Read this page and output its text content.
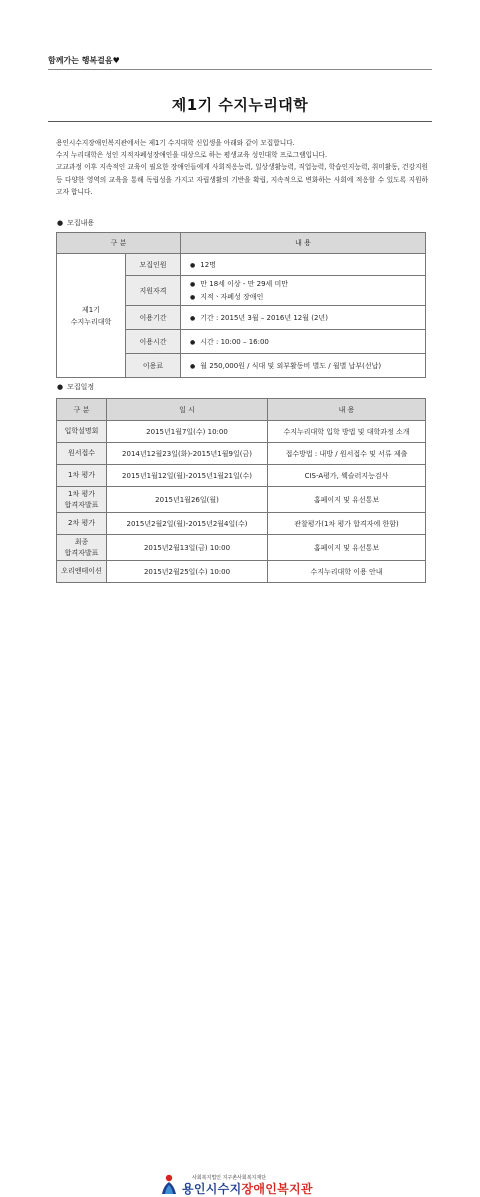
함께가는 행복걸음♥
제1기 수지누리대학

용인시수지장애인복지관에서는 제1기 수지대학 신입생을 아래와 같이 모집합니다.

수지 누리대학은 성인 지적자폐성장애인을 대상으로 하는 평생교육 성인대학 프로그램입니다.

고교과정 이후 지속적인 교육이 필요한 장애인들에게 사회적응능력, 일상생활능력, 직업능력, 학습인지능력, 취미활동, 건강지원 등 다양한 영역의 교육을 통해 독립성을 가지고 자립생활의 기반을 확립, 지속적으로 변화하는 사회에 적응할 수 있도록 지원하고자 합니다.

● 모집내용
구 분		내 용
제1기
수지누리대학	모집인원	● 12명
	지원자격	● 만 18세 이상 - 만 29세 미만
● 지적ㆍ자폐성 장애인

	이용기간	● 기간 : 2015년 3월 – 2016년 12월 (2년)
	이용시간	● 시간 : 10:00 – 16:00
	이용료	● 월 250,000원 / 식대 및 외부활동비 별도 / 월별 납부(선납)
● 모집일정
구 분	일 시	내 용
입학설명회	2015년1월7일(수) 10:00	수지누리대학 입학 방법 및 대학과정 소개
원서접수	2014년12월23일(화)-2015년1월9일(금)	접수방법 : 내방 / 원서접수 및 서류 제출
1차 평가	2015년1월12일(월)-2015년1월21일(수)	CIS-A평가, 웩슬러지능검사
1차 평가
합격자발표	2015년1월26일(월)	홈페이지 및 유선통보
2차 평가	2015년2월2일(월)-2015년2월4일(수)	관찰평가(1차 평가 합격자에 한함)
최종
합격자발표	2015년2월13일(금) 10:00	홈페이지 및 유선통보
오리엔테이션	2015년2월25일(수) 10:00	수지누리대학 이용 안내
사회복지법인 지구촌사회복지재단
용인시수지장애인복지관
